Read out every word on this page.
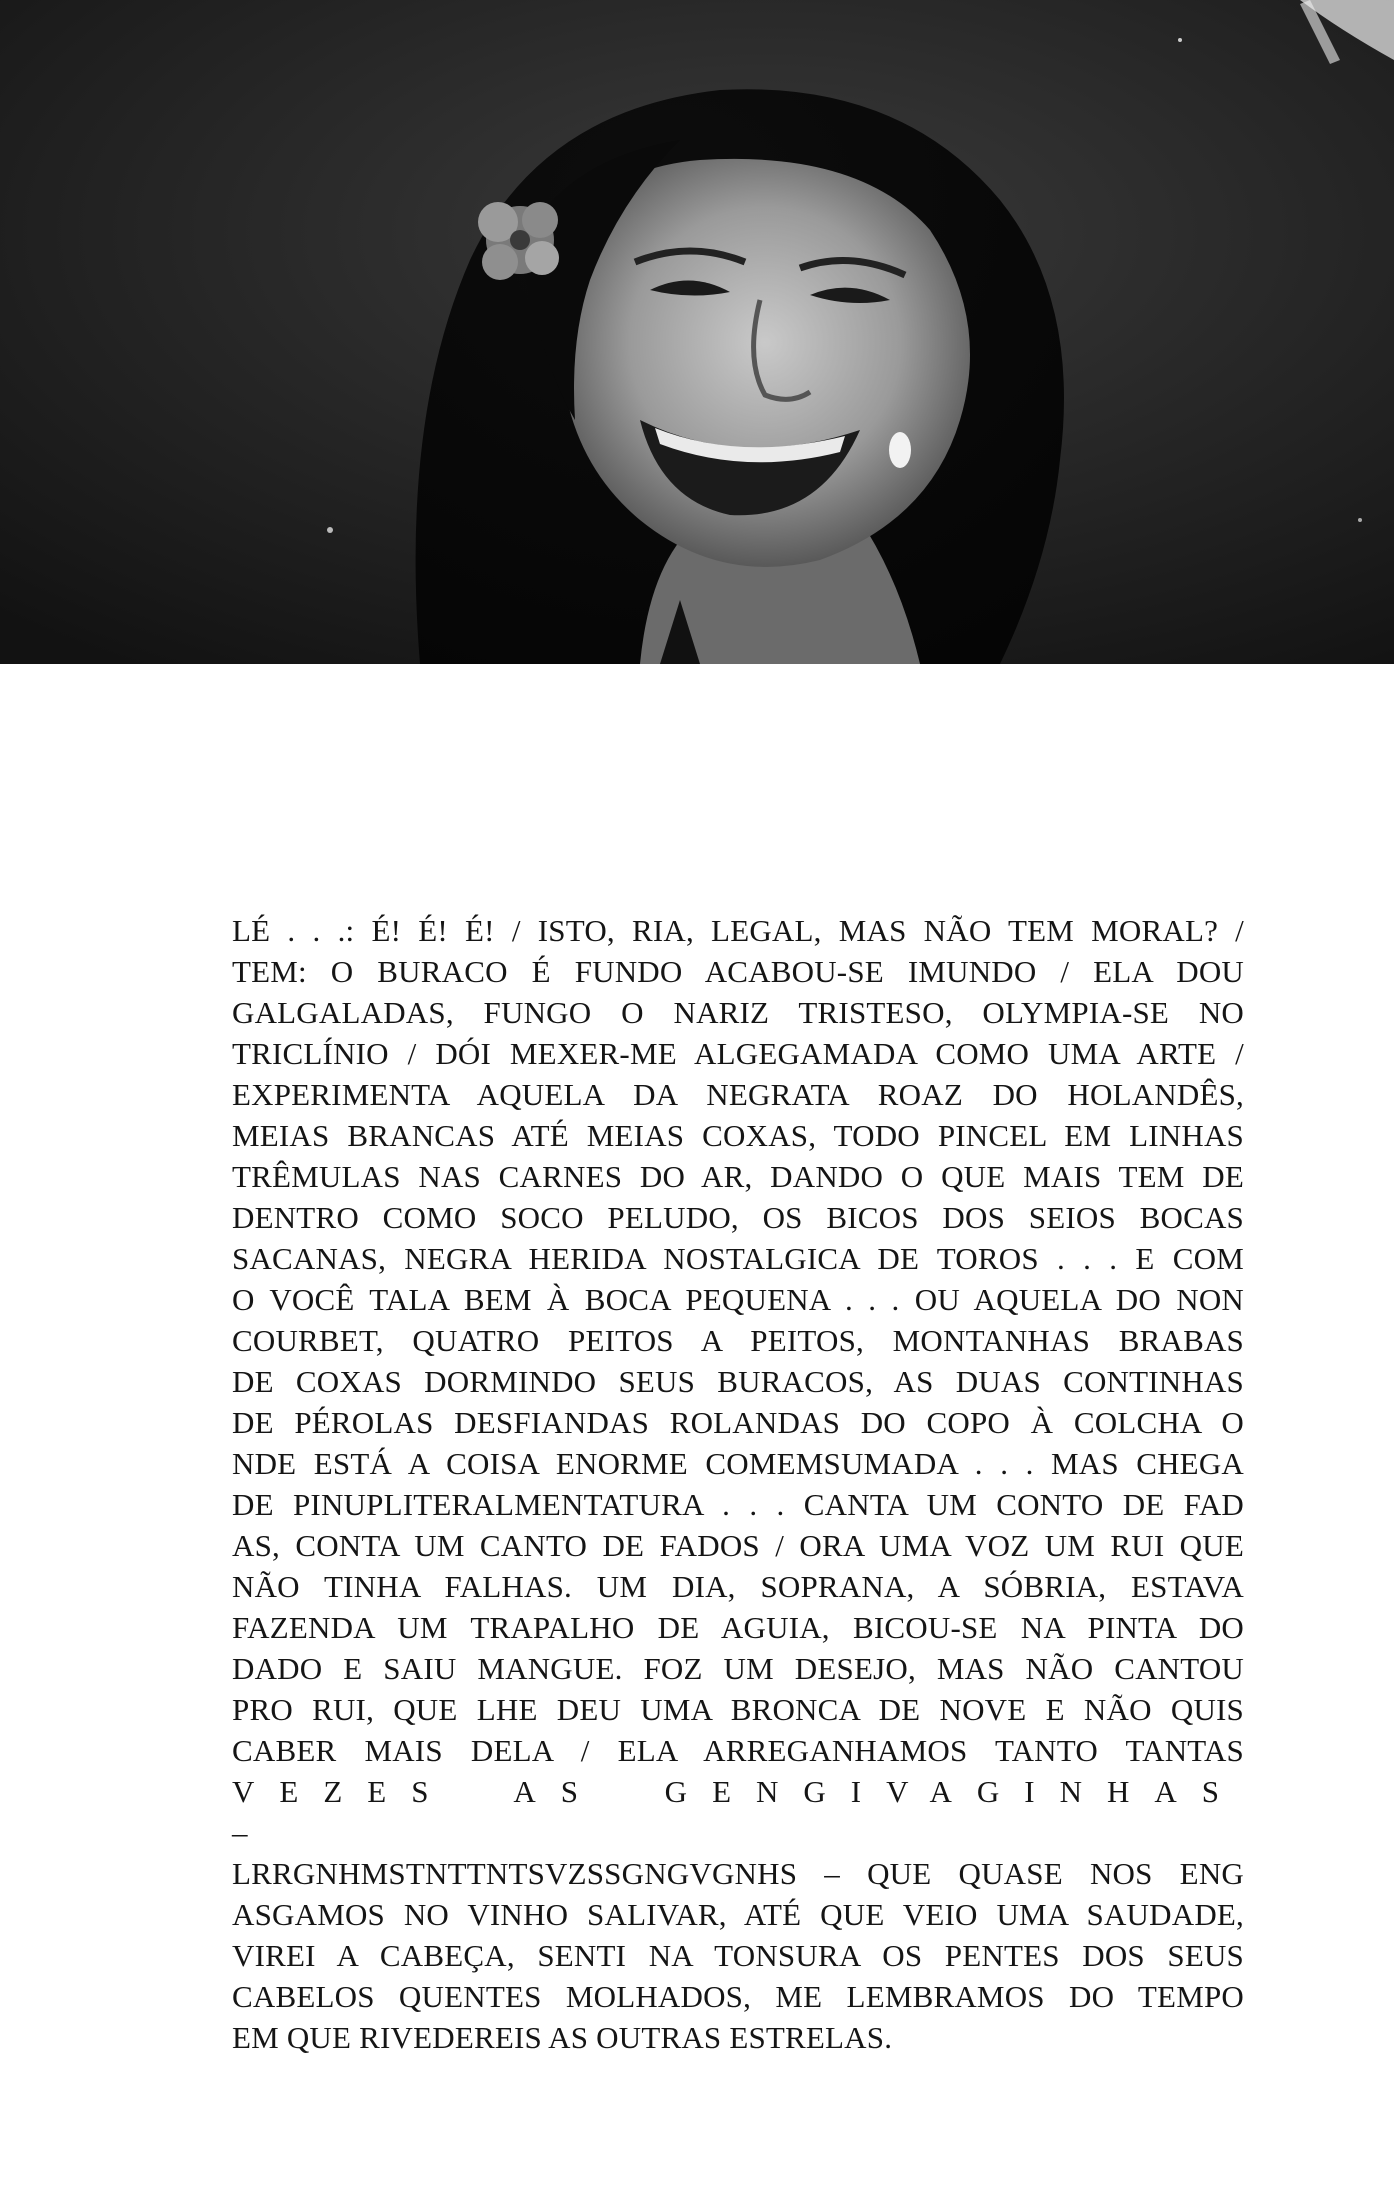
LÉ . . .: É! É! É! / ISTO, RIA, LEGAL, MAS NÃO TEM MORAL? /
TEM: O BURACO É FUNDO ACABOU-SE IMUNDO / ELA DOU
GALGALADAS, FUNGO O NARIZ TRISTESO, OLYMPIA-SE NO
TRICLÍNIO / DÓI MEXER-ME ALGEGAMADA COMO UMA ARTE /
EXPERIMENTA AQUELA DA NEGRATA ROAZ DO HOLANDÊS,
MEIAS BRANCAS ATÉ MEIAS COXAS, TODO PINCEL EM LINHAS
TRÊMULAS NAS CARNES DO AR, DANDO O QUE MAIS TEM DE
DENTRO COMO SOCO PELUDO, OS BICOS DOS SEIOS BOCAS
SACANAS, NEGRA HERIDA NOSTALGICA DE TOROS . . . E COM
O VOCÊ TALA BEM À BOCA PEQUENA . . . OU AQUELA DO NON
COURBET, QUATRO PEITOS A PEITOS, MONTANHAS BRABAS
DE COXAS DORMINDO SEUS BURACOS, AS DUAS CONTINHAS
DE PÉROLAS DESFIANDAS ROLANDAS DO COPO À COLCHA O
NDE ESTÁ A COISA ENORME COMEMSUMADA . . . MAS CHEGA
DE PINUPLITERALMENTATURA . . . CANTA UM CONTO DE FAD
AS, CONTA UM CANTO DE FADOS / ORA UMA VOZ UM RUI QUE
NÃO TINHA FALHAS. UM DIA, SOPRANA, A SÓBRIA, ESTAVA
FAZENDA UM TRAPALHO DE AGUIA, BICOU-SE NA PINTA DO
DADO E SAIU MANGUE. FOZ UM DESEJO, MAS NÃO CANTOU
PRO RUI, QUE LHE DEU UMA BRONCA DE NOVE E NÃO QUIS
CABER MAIS DELA / ELA ARREGANHAMOS TANTO TANTAS
VEZES AS GENGIVAGINHAS –
LRRGNHMSTNTTNTSVZSSGNGVGNHS – QUE QUASE NOS ENG
ASGAMOS NO VINHO SALIVAR, ATÉ QUE VEIO UMA SAUDADE,
VIREI A CABEÇA, SENTI NA TONSURA OS PENTES DOS SEUS
CABELOS QUENTES MOLHADOS, ME LEMBRAMOS DO TEMPO
EM QUE RIVEDEREIS AS OUTRAS ESTRELAS.
